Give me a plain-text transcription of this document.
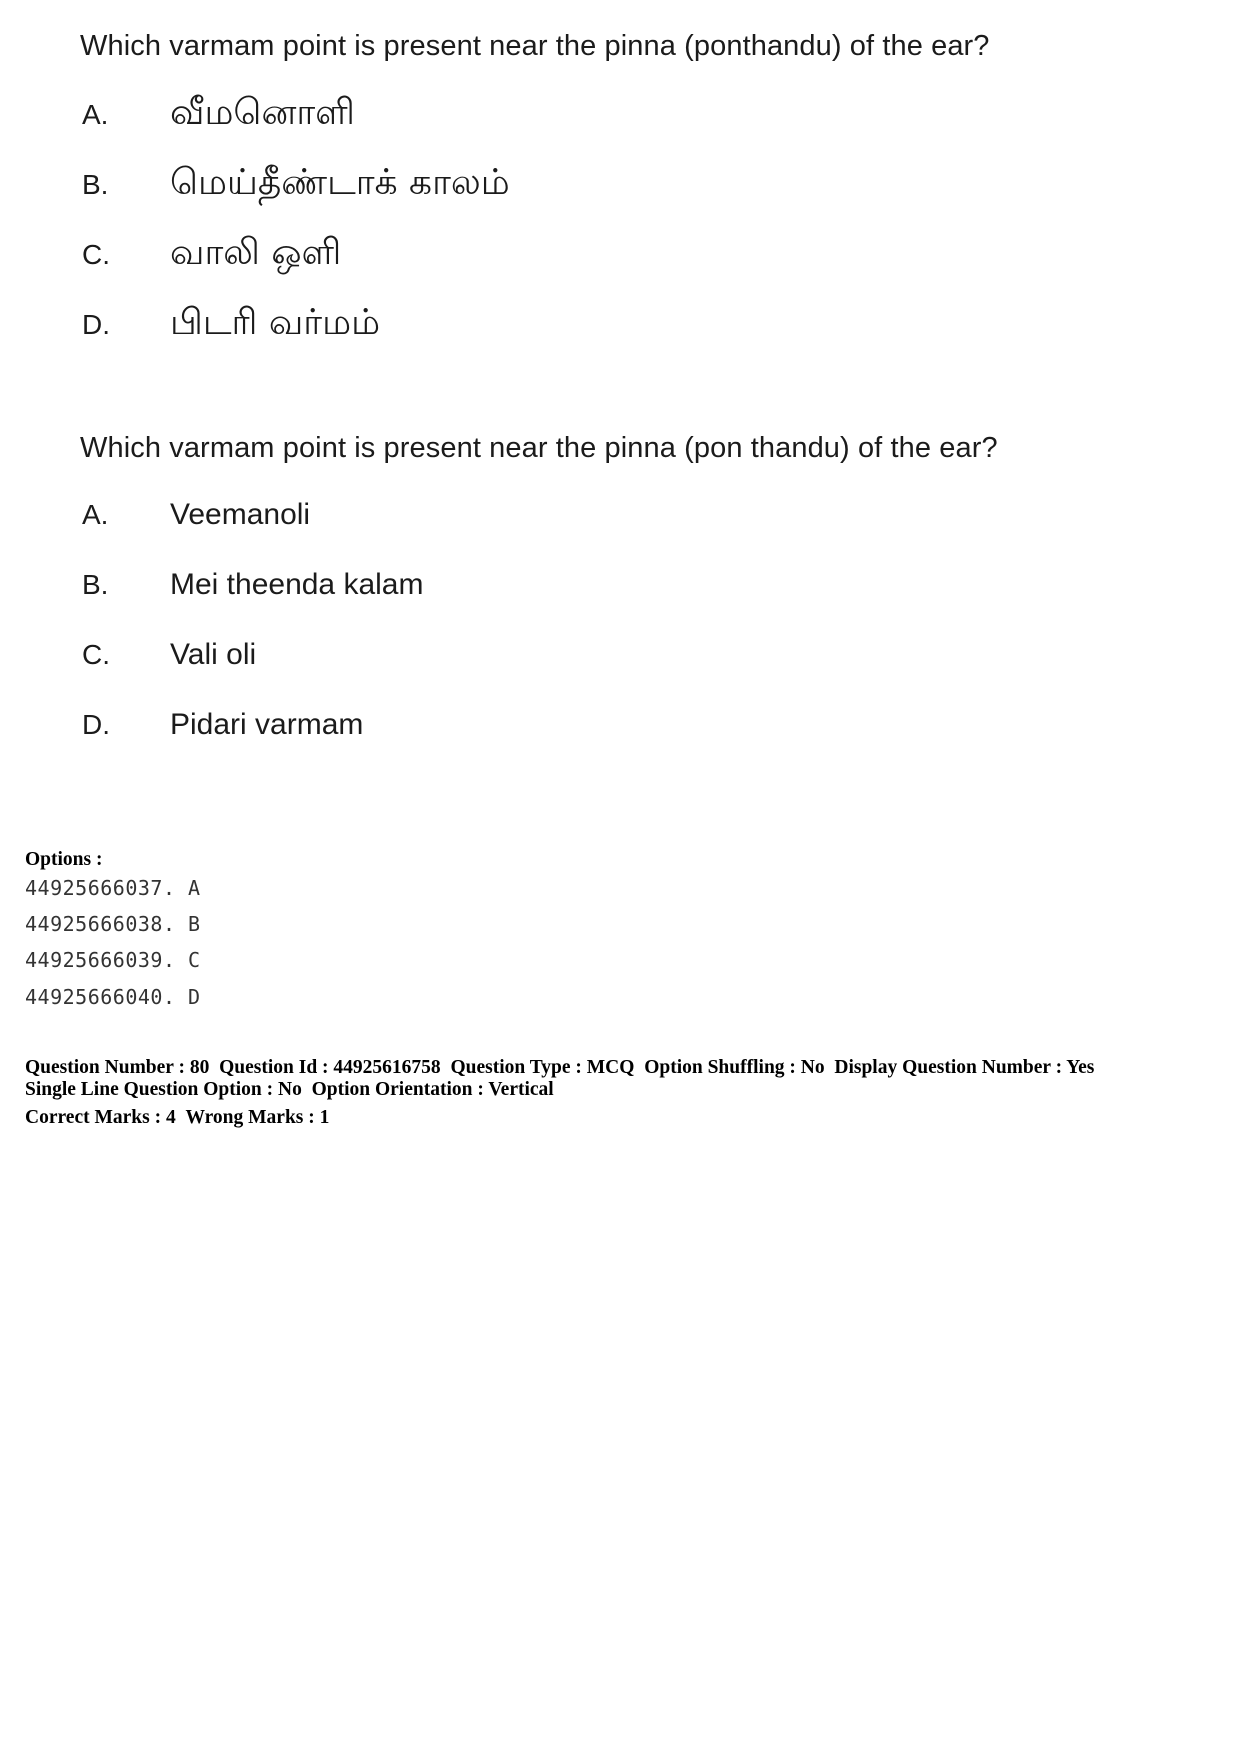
Which varmam point is present near the pinna (ponthandu) of the ear?
A.	வீமனொளி
B.	மெய்தீண்டாக் காலம்
C.	வாலி ஒளி
D.	பிடரி வர்மம்
Which varmam point is present near the pinna (pon thandu) of the ear?
A.	Veemanoli
B.	Mei theenda kalam
C.	Vali oli
D.	Pidari varmam
Options :
44925666037. A
44925666038. B
44925666039. C
44925666040. D
Question Number : 80 Question Id : 44925616758 Question Type : MCQ Option Shuffling : No Display Question Number : Yes
Single Line Question Option : No Option Orientation : Vertical
Correct Marks : 4 Wrong Marks : 1
